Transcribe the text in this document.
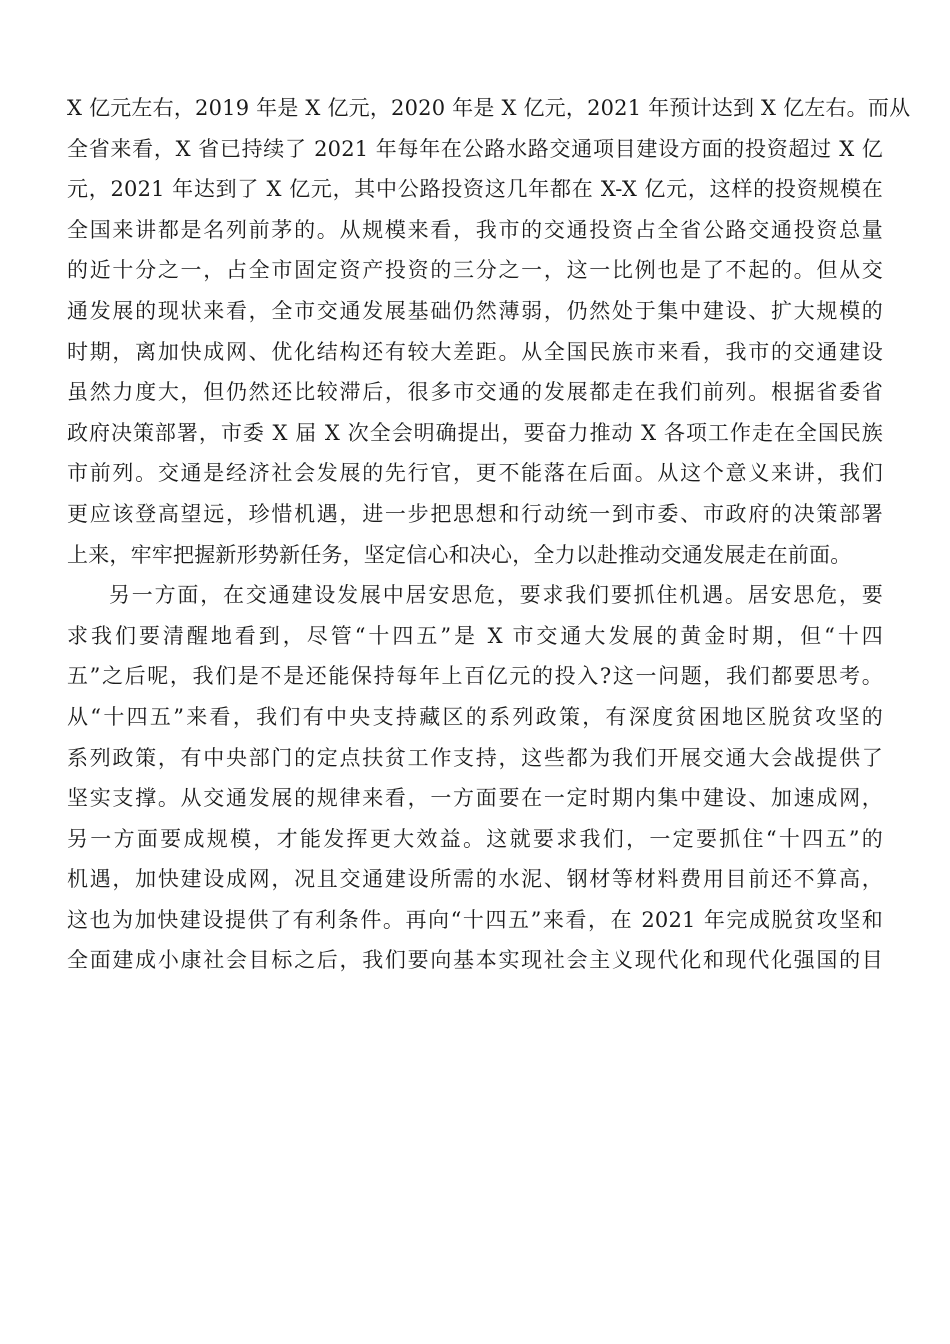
X 亿元左右，2019 年是 X 亿元，2020 年是 X 亿元，2021 年预计达到 X 亿左右。而从
全省来看，X 省已持续了 2021 年每年在公路水路交通项目建设方面的投资超过 X 亿
元，2021 年达到了 X 亿元，其中公路投资这几年都在 X-X 亿元，这样的投资规模在
全国来讲都是名列前茅的。从规模来看，我市的交通投资占全省公路交通投资总量
的近十分之一，占全市固定资产投资的三分之一，这一比例也是了不起的。但从交
通发展的现状来看，全市交通发展基础仍然薄弱，仍然处于集中建设、扩大规模的
时期，离加快成网、优化结构还有较大差距。从全国民族市来看，我市的交通建设
虽然力度大，但仍然还比较滞后，很多市交通的发展都走在我们前列。根据省委省
政府决策部署，市委 X 届 X 次全会明确提出，要奋力推动 X 各项工作走在全国民族
市前列。交通是经济社会发展的先行官，更不能落在后面。从这个意义来讲，我们
更应该登高望远，珍惜机遇，进一步把思想和行动统一到市委、市政府的决策部署
上来，牢牢把握新形势新任务，坚定信心和决心，全力以赴推动交通发展走在前面。
另一方面，在交通建设发展中居安思危，要求我们要抓住机遇。居安思危，要
求我们要清醒地看到，尽管“十四五”是 X 市交通大发展的黄金时期，但“十四
五”之后呢，我们是不是还能保持每年上百亿元的投入?这一问题，我们都要思考。
从“十四五”来看，我们有中央支持藏区的系列政策，有深度贫困地区脱贫攻坚的
系列政策，有中央部门的定点扶贫工作支持，这些都为我们开展交通大会战提供了
坚实支撑。从交通发展的规律来看，一方面要在一定时期内集中建设、加速成网，
另一方面要成规模，才能发挥更大效益。这就要求我们，一定要抓住“十四五”的
机遇，加快建设成网，况且交通建设所需的水泥、钢材等材料费用目前还不算高，
这也为加快建设提供了有利条件。再向“十四五”来看，在 2021 年完成脱贫攻坚和
全面建成小康社会目标之后，我们要向基本实现社会主义现代化和现代化强国的目
